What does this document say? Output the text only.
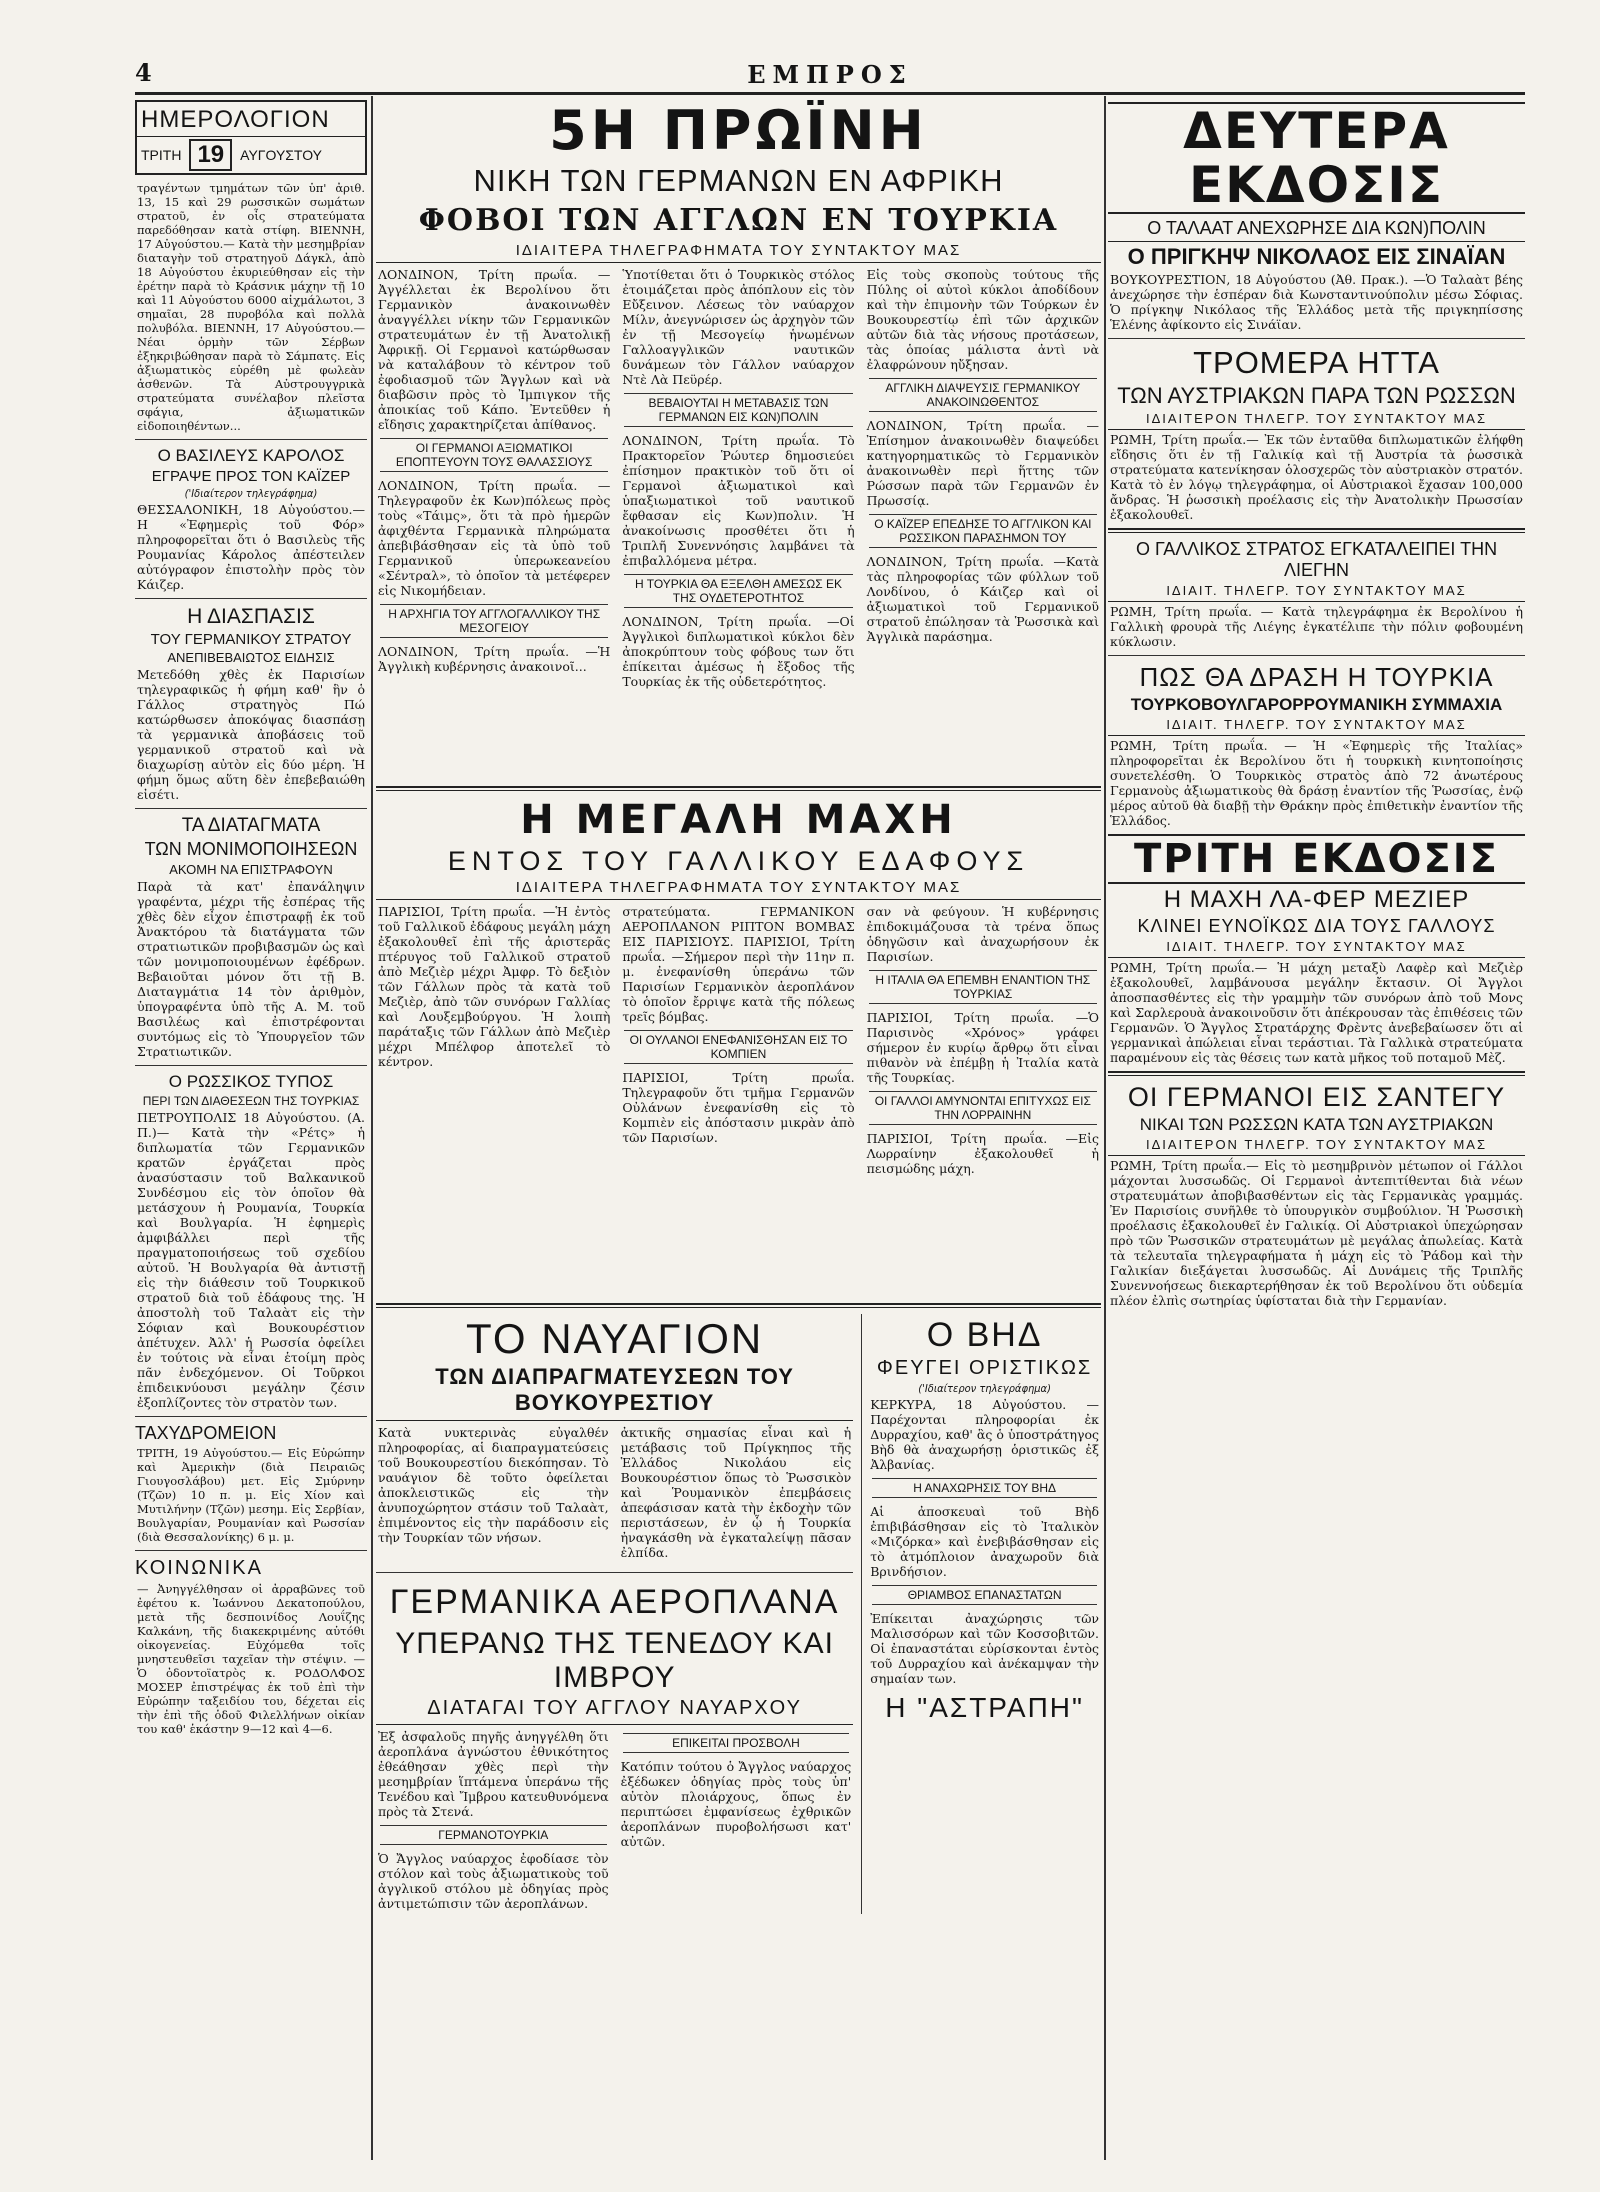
4	ΕΜΠΡΟΣ
ΗΜΕΡΟΛΟΓΙΟΝ
ΤΡΙΤΗ 19	ΑΥΓΟΥΣΤΟΥ

τραγέντων τμημάτων τῶν ὑπ' ἀριθ. 13, 15 καὶ 29 ρωσσικῶν σωμάτων στρατοῦ, ἐν οἷς στρατεύματα παρεδόθησαν κατὰ στίφη. ΒΙΕΝΝΗ, 17 Αὐγούστου.— Κατὰ τὴν μεσημβρίαν διαταγὴν τοῦ στρατηγοῦ Δάγκλ, ἀπὸ 18 Αὐγούστου ἐκυριεύθησαν εἰς τὴν ἐρέτην παρὰ τὸ Κράσνικ μάχην τῇ 10 καὶ 11 Αὐγούστου 6000 αἰχμάλωτοι, 3 σημαῖαι, 28 πυροβόλα καὶ πολλὰ πολυβόλα. ΒΙΕΝΝΗ, 17 Αὐγούστου.—Νέαι ὁρμὴν τῶν Σέρβων ἐξηκριβώθησαν παρὰ τὸ Σάμπατς. Εἰς ἀξιωματικὸς εὑρέθη μὲ φωλεὰν ἀσθενῶν. Τὰ Αὐστρουγγρικὰ στρατεύματα συνέλαβον πλεῖστα σφάγια, ἀξιωματικῶν εἰδοποιηθέντων...

Ο ΒΑΣΙΛΕΥΣ ΚΑΡΟΛΟΣ
ΕΓΡΑΨΕ ΠΡΟΣ ΤΟΝ ΚΑΪΖΕΡ
('Ιδιαίτερον τηλεγράφημα)

ΘΕΣΣΑΛΟΝΙΚΗ, 18 Αὐγούστου.— Η «Ἐφημερὶς τοῦ Φόρ» πληροφορεῖται ὅτι ὁ Βασιλεὺς τῆς Ρουμανίας Κάρολος ἀπέστειλεν αὐτόγραφον ἐπιστολὴν πρὸς τὸν Κάιζερ.

Η ΔΙΑΣΠΑΣΙΣ
ΤΟΥ ΓΕΡΜΑΝΙΚΟΥ ΣΤΡΑΤΟΥ
ΑΝΕΠΙΒΕΒΑΙΩΤΟΣ ΕΙΔΗΣΙΣ

Μετεδόθη χθὲς ἐκ Παρισίων τηλεγραφικῶς ἡ φήμη καθ' ἣν ὁ Γάλλος στρατηγὸς Πώ κατώρθωσεν ἀποκόψας διασπάσῃ τὰ γερμανικὰ ἀποβάσεις τοῦ γερμανικοῦ στρατοῦ καὶ νὰ διαχωρίσῃ αὐτὸν εἰς δύο μέρη. Ἡ φήμη ὅμως αὕτη δὲν ἐπεβεβαιώθη εἰσέτι.

ΤΑ ΔΙΑΤΑΓΜΑΤΑ
ΤΩΝ ΜΟΝΙΜΟΠΟΙΗΣΕΩΝ
ΑΚΟΜΗ ΝΑ ΕΠΙΣΤΡΑΦΟΥΝ

Παρὰ τὰ κατ' ἐπανάληψιν γραφέντα, μέχρι τῆς ἐσπέρας τῆς χθὲς δὲν εἶχον ἐπιστραφῇ ἐκ τοῦ Ἀνακτόρου τὰ διατάγματα τῶν στρατιωτικῶν προβιβασμῶν ὡς καὶ τῶν μονιμοποιουμένων ἐφέδρων. Βεβαιοῦται μόνον ὅτι τῇ Β. Διαταγμάτια 14 τὸν ἀριθμὸν, ὑπογραφέντα ὑπὸ τῆς Α. Μ. τοῦ Βασιλέως καὶ ἐπιστρέφονται συντόμως εἰς τὸ Ὑπουργεῖον τῶν Στρατιωτικῶν.

Ο ΡΩΣΣΙΚΟΣ ΤΥΠΟΣ
ΠΕΡΙ ΤΩΝ ΔΙΑΘΕΣΕΩΝ ΤΗΣ ΤΟΥΡΚΙΑΣ

ΠΕΤΡΟΥΠΟΛΙΣ 18 Αὐγούστου. (Α. Π.)— Κατὰ τὴν «Ρέτς» ἡ διπλωματία τῶν Γερμανικῶν κρατῶν ἐργάζεται πρὸς ἀνασύστασιν τοῦ Βαλκανικοῦ Συνδέσμου εἰς τὸν ὁποῖον θὰ μετάσχουν ἡ Ρουμανία, Τουρκία καὶ Βουλγαρία. Ἡ ἐφημερὶς ἀμφιβάλλει περὶ τῆς πραγματοποιήσεως τοῦ σχεδίου αὐτοῦ. Ἡ Βουλγαρία θὰ ἀντιστῇ εἰς τὴν διάθεσιν τοῦ Τουρκικοῦ στρατοῦ διὰ τοῦ ἐδάφους της. Ἡ ἀποστολὴ τοῦ Ταλαὰτ εἰς τὴν Σόφιαν καὶ Βουκουρέστιον ἀπέτυχεν. Ἀλλ' ἡ Ρωσσία ὀφείλει ἐν τούτοις νὰ εἶναι ἑτοίμη πρὸς πᾶν ἐνδεχόμενον. Οἱ Τοῦρκοι ἐπιδεικνύουσι μεγάλην ζέσιν ἐξοπλίζοντες τὸν στρατὸν των.

ΤΑΧΥΔΡΟΜΕΙΟΝ

ΤΡΙΤΗ, 19 Αὐγούστου.— Εἰς Εὐρώπην καὶ Ἀμερικὴν (διὰ Πειραιῶς Γιουγοσλάβου) μετ. Εἰς Σμύρνην (Τζῶν) 10 π. μ. Εἰς Χίον καὶ Μυτιλήνην (Τζῶν) μεσημ. Εἰς Σερβίαν, Βουλγαρίαν, Ρουμανίαν καὶ Ρωσσίαν (διὰ Θεσσαλονίκης) 6 μ. μ.

ΚΟΙΝΩΝΙΚΑ

— Ἀνηγγέλθησαν οἱ ἀρραβῶνες τοῦ ἐφέτου κ. Ἰωάννου Δεκατοπούλου, μετὰ τῆς δεσποινίδος Λουΐζης Καλκάνη, τῆς διακεκριμένης αὐτόθι οἰκογενείας. Εὐχόμεθα τοῖς μνηστευθεῖσι ταχεῖαν τὴν στέψιν. — Ὁ ὀδοντοϊατρὸς κ. ΡΟΔΟΛΦΟΣ ΜΟΣΕΡ ἐπιστρέψας ἐκ τοῦ ἐπὶ τὴν Εὐρώπην ταξειδίου του, δέχεται εἰς τὴν ἐπὶ τῆς ὁδοῦ Φιλελλήνων οἰκίαν του καθ' ἑκάστην 9—12 καὶ 4—6.

5Η ΠΡΩΪΝΗ
ΝΙΚΗ ΤΩΝ ΓΕΡΜΑΝΩΝ ΕΝ ΑΦΡΙΚΗ
ΦΟΒΟΙ ΤΩΝ ΑΓΓΛΩΝ ΕΝ ΤΟΥΡΚΙΑ
ΙΔΙΑΙΤΕΡΑ ΤΗΛΕΓΡΑΦΗΜΑΤΑ ΤΟΥ ΣΥΝΤΑΚΤΟΥ ΜΑΣ

ΛΟΝΔΙΝΟΝ, Τρίτη πρωΐα. —Ἀγγέλλεται ἐκ Βερολίνου ὅτι Γερμανικὸν ἀνακοινωθὲν ἀναγγέλλει νίκην τῶν Γερμανικῶν στρατευμάτων ἐν τῇ Ἀνατολικῇ Ἀφρικῇ. Οἱ Γερμανοὶ κατώρθωσαν νὰ καταλάβουν τὸ κέντρον τοῦ ἐφοδιασμοῦ τῶν Ἄγγλων καὶ νὰ διαβῶσιν πρὸς τὸ Ἰμπιγκον τῆς ἀποικίας τοῦ Κάπο. Ἐντεῦθεν ἡ εἴδησις χαρακτηρίζεται ἀπίθανος.

ΟΙ ΓΕΡΜΑΝΟΙ ΑΞΙΩΜΑΤΙΚΟΙ ΕΠΟΠΤΕΥΟΥΝ ΤΟΥΣ ΘΑΛΑΣΣΙΟΥΣ

ΛΟΝΔΙΝΟΝ, Τρίτη πρωΐα. —Τηλεγραφοῦν ἐκ Κων)πόλεως πρὸς τοὺς «Τάιμς», ὅτι τὰ πρὸ ἡμερῶν ἀφιχθέντα Γερμανικὰ πληρώματα ἀπεβιβάσθησαν εἰς τὰ ὑπὸ τοῦ Γερμανικοῦ ὑπερωκεανείου «Σέντραλ», τὸ ὁποῖον τὰ μετέφερεν εἰς Νικομήδειαν.

Η ΑΡΧΗΓΙΑ ΤΟΥ ΑΓΓΛΟΓΑΛΛΙΚΟΥ ΤΗΣ ΜΕΣΟΓΕΙΟΥ

ΛΟΝΔΙΝΟΝ, Τρίτη πρωΐα. —Ἡ Ἀγγλικὴ κυβέρνησις ἀνακοινοῖ...

Ὑποτίθεται ὅτι ὁ Τουρκικὸς στόλος ἐτοιμάζεται πρὸς ἀπόπλουν εἰς τὸν Εὔξεινον. Λέσεως τὸν ναύαρχον Μίλν, ἀνεγνώρισεν ὡς ἀρχηγὸν τῶν ἐν τῇ Μεσογείῳ ἡνωμένων Γαλλοαγγλικῶν ναυτικῶν δυνάμεων τὸν Γάλλον ναύαρχον Ντὲ Λὰ Πεϋρέρ.

ΒΕΒΑΙΟΥΤΑΙ Η ΜΕΤΑΒΑΣΙΣ ΤΩΝ ΓΕΡΜΑΝΩΝ ΕΙΣ ΚΩΝ)ΠΟΛΙΝ

ΛΟΝΔΙΝΟΝ, Τρίτη πρωΐα. Τὸ Πρακτορεῖον Ῥώυτερ δημοσιεύει ἐπίσημον πρακτικὸν τοῦ ὅτι οἱ Γερμανοὶ ἀξιωματικοὶ καὶ ὑπαξιωματικοὶ τοῦ ναυτικοῦ ἔφθασαν εἰς Κων)πολιν. Ἡ ἀνακοίνωσις προσθέτει ὅτι ἡ Τριπλῆ Συνεννόησις λαμβάνει τὰ ἐπιβαλλόμενα μέτρα.

Η ΤΟΥΡΚΙΑ ΘΑ ΕΞΕΛΘΗ ΑΜΕΣΩΣ ΕΚ ΤΗΣ ΟΥΔΕΤΕΡΟΤΗΤΟΣ

ΛΟΝΔΙΝΟΝ, Τρίτη πρωΐα. —Οἱ Ἀγγλικοὶ διπλωματικοὶ κύκλοι δὲν ἀποκρύπτουν τοὺς φόβους των ὅτι ἐπίκειται ἀμέσως ἡ ἔξοδος τῆς Τουρκίας ἐκ τῆς οὐδετερότητος.

Εἰς τοὺς σκοποὺς τούτους τῆς Πύλης οἱ αὐτοὶ κύκλοι ἀποδίδουν καὶ τὴν ἐπιμονὴν τῶν Τούρκων ἐν Βουκουρεστίῳ ἐπὶ τῶν ἀρχικῶν αὐτῶν διὰ τὰς νήσους προτάσεων, τὰς ὁποίας μάλιστα ἀντὶ νὰ ἐλαφρώνουν ηὔξησαν.

ΑΓΓΛΙΚΗ ΔΙΑΨΕΥΣΙΣ ΓΕΡΜΑΝΙΚΟΥ ΑΝΑΚΟΙΝΩΘΕΝΤΟΣ

ΛΟΝΔΙΝΟΝ, Τρίτη πρωΐα. —Ἐπίσημον ἀνακοινωθὲν διαψεύδει κατηγορηματικῶς τὸ Γερμανικὸν ἀνακοινωθὲν περὶ ἥττης τῶν Ρώσσων παρὰ τῶν Γερμανῶν ἐν Πρωσσίᾳ.

Ο ΚΑΪΖΕΡ ΕΠΕΔΗΣΕ ΤΟ ΑΓΓΛΙΚΟΝ ΚΑΙ ΡΩΣΣΙΚΟΝ ΠΑΡΑΣΗΜΟΝ ΤΟΥ

ΛΟΝΔΙΝΟΝ, Τρίτη πρωΐα. —Κατὰ τὰς πληροφορίας τῶν φύλλων τοῦ Λονδίνου, ὁ Κάιζερ καὶ οἱ ἀξιωματικοὶ τοῦ Γερμανικοῦ στρατοῦ ἐπώλησαν τὰ Ῥωσσικὰ καὶ Ἀγγλικὰ παράσημα.

Η ΜΕΓΑΛΗ ΜΑΧΗ
ΕΝΤΟΣ ΤΟΥ ΓΑΛΛΙΚΟΥ ΕΔΑΦΟΥΣ
ΙΔΙΑΙΤΕΡΑ ΤΗΛΕΓΡΑΦΗΜΑΤΑ ΤΟΥ ΣΥΝΤΑΚΤΟΥ ΜΑΣ

ΠΑΡΙΣΙΟΙ, Τρίτη πρωΐα. —Ἡ ἐντὸς τοῦ Γαλλικοῦ ἐδάφους μεγάλη μάχη ἐξακολουθεῖ ἐπὶ τῆς ἀριστερᾶς πτέρυγος τοῦ Γαλλικοῦ στρατοῦ ἀπὸ Μεζιὲρ μέχρι Ἀμφρ. Τὸ δεξιὸν τῶν Γάλλων πρὸς τὰ κατὰ τοῦ Μεζιὲρ, ἀπὸ τῶν συνόρων Γαλλίας καὶ Λουξεμβούργου. Ἡ λοιπὴ παράταξις τῶν Γάλλων ἀπὸ Μεζιὲρ μέχρι Μπέλφορ ἀποτελεῖ τὸ κέντρον.

στρατεύματα. ΓΕΡΜΑΝΙΚΟΝ ΑΕΡΟΠΛΑΝΟΝ ΡΙΠΤΟΝ ΒΟΜΒΑΣ ΕΙΣ ΠΑΡΙΣΙΟΥΣ. ΠΑΡΙΣΙΟΙ, Τρίτη πρωΐα. —Σήμερον περὶ τὴν 11ην π. μ. ἐνεφανίσθη ὑπεράνω τῶν Παρισίων Γερμανικὸν ἀεροπλάνον τὸ ὁποῖον ἔρριψε κατὰ τῆς πόλεως τρεῖς βόμβας.

ΟΙ ΟΥΛΑΝΟΙ ΕΝΕΦΑΝΙΣΘΗΣΑΝ ΕΙΣ ΤΟ ΚΟΜΠΙΕΝ

ΠΑΡΙΣΙΟΙ, Τρίτη πρωΐα. Τηλεγραφοῦν ὅτι τμῆμα Γερμανῶν Οὐλάνων ἐνεφανίσθη εἰς τὸ Κομπιὲν εἰς ἀπόστασιν μικρὰν ἀπὸ τῶν Παρισίων.

σαν νὰ φεύγουν. Ἡ κυβέρνησις ἐπιδοκιμάζουσα τὰ τρένα ὅπως ὁδηγῶσιν καὶ ἀναχωρήσουν ἐκ Παρισίων.

Η ΙΤΑΛΙΑ ΘΑ ΕΠΕΜΒΗ ΕΝΑΝΤΙΟΝ ΤΗΣ ΤΟΥΡΚΙΑΣ

ΠΑΡΙΣΙΟΙ, Τρίτη πρωΐα. —Ὁ Παρισινὸς «Χρόνος» γράφει σήμερον ἐν κυρίῳ ἄρθρῳ ὅτι εἶναι πιθανὸν νὰ ἐπέμβῃ ἡ Ἰταλία κατὰ τῆς Τουρκίας.

ΟΙ ΓΑΛΛΟΙ ΑΜΥΝΟΝΤΑΙ ΕΠΙΤΥΧΩΣ ΕΙΣ ΤΗΝ ΛΟΡΡΑΙΝΗΝ

ΠΑΡΙΣΙΟΙ, Τρίτη πρωΐα. —Εἰς Λωρραίνην ἐξακολουθεῖ ἡ πεισμώδης μάχη.

ΤΟ ΝΑΥΑΓΙΟΝ
ΤΩΝ ΔΙΑΠΡΑΓΜΑΤΕΥΣΕΩΝ ΤΟΥ ΒΟΥΚΟΥΡΕΣΤΙΟΥ

Κατὰ νυκτερινὰς εὐγαλθέν πληροφορίας, αἱ διαπραγματεύσεις τοῦ Βουκουρεστίου διεκόπησαν. Τὸ ναυάγιον δὲ τοῦτο ὀφείλεται ἀποκλειστικῶς εἰς τὴν ἀνυποχώρητον στάσιν τοῦ Ταλαὰτ, ἐπιμένοντος εἰς τὴν παράδοσιν εἰς τὴν Τουρκίαν τῶν νήσων.

ἀκτικῆς σημασίας εἶναι καὶ ἡ μετάβασις τοῦ Πρίγκηπος τῆς Ἑλλάδος Νικολάου εἰς Βουκουρέστιον ὅπως τὸ Ῥωσσικὸν καὶ Ῥουμανικὸν ἐπεμβάσεις ἀπεφάσισαν κατὰ τὴν ἐκδοχὴν τῶν περιστάσεων, ἐν ᾧ ἡ Τουρκία ἠναγκάσθη νὰ ἐγκαταλείψῃ πᾶσαν ἐλπίδα.

ΓΕΡΜΑΝΙΚΑ ΑΕΡΟΠΛΑΝΑ
ΥΠΕΡΑΝΩ ΤΗΣ ΤΕΝΕΔΟΥ ΚΑΙ ΙΜΒΡΟΥ
ΔΙΑΤΑΓΑΙ ΤΟΥ ΑΓΓΛΟΥ ΝΑΥΑΡΧΟΥ

Ἐξ ἀσφαλοῦς πηγῆς ἀνηγγέλθη ὅτι ἀεροπλάνα ἀγνώστου ἐθνικότητος ἐθεάθησαν χθὲς περὶ τὴν μεσημβρίαν ἵπτάμενα ὑπεράνω τῆς Τενέδου καὶ Ἴμβρου κατευθυνόμενα πρὸς τὰ Στενά.

ΓΕΡΜΑΝΟΤΟΥΡΚΙΑ

Ὁ Ἄγγλος ναύαρχος ἐφοδίασε τὸν στόλον καὶ τοὺς ἀξιωματικοὺς τοῦ ἀγγλικοῦ στόλου μὲ ὁδηγίας πρὸς ἀντιμετώπισιν τῶν ἀεροπλάνων.

ΕΠΙΚΕΙΤΑΙ ΠΡΟΣΒΟΛΗ

Κατόπιν τούτου ὁ Ἄγγλος ναύαρχος ἐξέδωκεν ὁδηγίας πρὸς τοὺς ὑπ' αὐτὸν πλοιάρχους, ὅπως ἐν περιπτώσει ἐμφανίσεως ἐχθρικῶν ἀεροπλάνων πυροβολήσωσι κατ' αὐτῶν.

Ο ΒΗΔ
ΦΕΥΓΕΙ ΟΡΙΣΤΙΚΩΣ
('Ιδιαίτερον τηλεγράφημα)

ΚΕΡΚΥΡΑ, 18 Αὐγούστου. —Παρέχονται πληροφορίαι ἐκ Δυρραχίου, καθ' ἃς ὁ ὑποστράτηγος Βὴδ θὰ ἀναχωρήσῃ ὁριστικῶς ἐξ Ἀλβανίας.

Η ΑΝΑΧΩΡΗΣΙΣ ΤΟΥ ΒΗΔ

Αἱ ἀποσκευαὶ τοῦ Βὴδ ἐπιβιβάσθησαν εἰς τὸ Ἰταλικὸν «Μιζόρκα» καὶ ἐνεβιβάσθησαν εἰς τὸ ἀτμόπλοιον ἀναχωροῦν διὰ Βρινδήσιον.

ΘΡΙΑΜΒΟΣ ΕΠΑΝΑΣΤΑΤΩΝ

Ἐπίκειται ἀναχώρησις τῶν Μαλισσόρων καὶ τῶν Κοσσοβιτῶν. Οἱ ἐπαναστάται εὑρίσκονται ἐντὸς τοῦ Δυρραχίου καὶ ἀνέκαμψαν τὴν σημαίαν των.

Η "ΑΣΤΡΑΠΗ"
ΔΕΥΤΕΡΑ ΕΚΔΟΣΙΣ
Ο ΤΑΛΑΑΤ ΑΝΕΧΩΡΗΣΕ ΔΙΑ ΚΩΝ)ΠΟΛΙΝ
Ο ΠΡΙΓΚΗΨ ΝΙΚΟΛΑΟΣ ΕΙΣ ΣΙΝΑΪΑΝ

ΒΟΥΚΟΥΡΕΣΤΙΟΝ, 18 Αὐγούστου (Ἀθ. Πρακ.). —Ὁ Ταλαὰτ βέης ἀνεχώρησε τὴν ἑσπέραν διὰ Κωνσταντινούπολιν μέσω Σόφιας. Ὁ πρίγκηψ Νικόλαος τῆς Ἑλλάδος μετὰ τῆς πριγκηπίσσης Ἑλένης ἀφίκοντο εἰς Σινάϊαν.

ΤΡΟΜΕΡΑ ΗΤΤΑ
ΤΩΝ ΑΥΣΤΡΙΑΚΩΝ ΠΑΡΑ ΤΩΝ ΡΩΣΣΩΝ
ΙΔΙΑΙΤΕΡΟΝ ΤΗΛΕΓΡ. ΤΟΥ ΣΥΝΤΑΚΤΟΥ ΜΑΣ

ΡΩΜΗ, Τρίτη πρωΐα.— Ἐκ τῶν ἐνταῦθα διπλωματικῶν ἐλήφθη εἴδησις ὅτι ἐν τῇ Γαλικίᾳ καὶ τῇ Ἀυστρία τὰ ῥωσσικὰ στρατεύματα κατενίκησαν ὁλοσχερῶς τὸν αὐστριακὸν στρατόν. Κατὰ τὸ ἐν λόγῳ τηλεγράφημα, οἱ Αὐστριακοὶ ἔχασαν 100,000 ἄνδρας. Ἡ ῥωσσικὴ προέλασις εἰς τὴν Ἀνατολικὴν Πρωσσίαν ἐξακολουθεῖ.

Ο ΓΑΛΛΙΚΟΣ ΣΤΡΑΤΟΣ ΕΓΚΑΤΑΛΕΙΠΕΙ ΤΗΝ ΛΙΕΓΗΝ
ΙΔΙΑΙΤ. ΤΗΛΕΓΡ. ΤΟΥ ΣΥΝΤΑΚΤΟΥ ΜΑΣ

ΡΩΜΗ, Τρίτη πρωΐα. — Κατὰ τηλεγράφημα ἐκ Βερολίνου ἡ Γαλλικὴ φρουρὰ τῆς Λιέγης ἐγκατέλιπε τὴν πόλιν φοβουμένη κύκλωσιν.

ΠΩΣ ΘΑ ΔΡΑΣΗ Η ΤΟΥΡΚΙΑ
ΤΟΥΡΚΟΒΟΥΛΓΑΡΟΡΡΟΥΜΑΝΙΚΗ ΣΥΜΜΑΧΙΑ
ΙΔΙΑΙΤ. ΤΗΛΕΓΡ. ΤΟΥ ΣΥΝΤΑΚΤΟΥ ΜΑΣ

ΡΩΜΗ, Τρίτη πρωΐα. — Ἡ «Ἐφημερὶς τῆς Ἰταλίας» πληροφορεῖται ἐκ Βερολίνου ὅτι ἡ τουρκικὴ κινητοποίησις συνετελέσθη. Ὁ Τουρκικὸς στρατὸς ἀπὸ 72 ἀνωτέρους Γερμανοὺς ἀξιωματικοὺς θὰ δράσῃ ἐναντίον τῆς Ῥωσσίας, ἐνῷ μέρος αὐτοῦ θὰ διαβῇ τὴν Θράκην πρὸς ἐπιθετικὴν ἐναντίον τῆς Ἑλλάδος.

ΤΡΙΤΗ ΕΚΔΟΣΙΣ
Η ΜΑΧΗ ΛΑ-ΦΕΡ ΜΕΖΙΕΡ
ΚΛΙΝΕΙ ΕΥΝΟΪΚΩΣ ΔΙΑ ΤΟΥΣ ΓΑΛΛΟΥΣ
ΙΔΙΑΙΤ. ΤΗΛΕΓΡ. ΤΟΥ ΣΥΝΤΑΚΤΟΥ ΜΑΣ

ΡΩΜΗ, Τρίτη πρωΐα.— Ἡ μάχη μεταξὺ Λαφὲρ καὶ Μεζιὲρ ἐξακολουθεῖ, λαμβάνουσα μεγάλην ἔκτασιν. Οἱ Ἄγγλοι ἀποσπασθέντες εἰς τὴν γραμμὴν τῶν συνόρων ἀπὸ τοῦ Μονς καὶ Σαρλερουὰ ἀνακοινοῦσιν ὅτι ἀπέκρουσαν τὰς ἐπιθέσεις τῶν Γερμανῶν. Ὁ Ἄγγλος Στρατάρχης Φρὲντς ἀνεβεβαίωσεν ὅτι αἱ γερμανικαὶ ἀπώλειαι εἶναι τεράστιαι. Τὰ Γαλλικὰ στρατεύματα παραμένουν εἰς τὰς θέσεις των κατὰ μῆκος τοῦ ποταμοῦ Μὲζ.

ΟΙ ΓΕΡΜΑΝΟΙ ΕΙΣ ΣΑΝΤΕΓΥ
ΝΙΚΑΙ ΤΩΝ ΡΩΣΣΩΝ ΚΑΤΑ ΤΩΝ ΑΥΣΤΡΙΑΚΩΝ
ΙΔΙΑΙΤΕΡΟΝ ΤΗΛΕΓΡ. ΤΟΥ ΣΥΝΤΑΚΤΟΥ ΜΑΣ

ΡΩΜΗ, Τρίτη πρωΐα.— Εἰς τὸ μεσημβρινὸν μέτωπον οἱ Γάλλοι μάχονται λυσσωδῶς. Οἱ Γερμανοὶ ἀντεπιτίθενται διὰ νέων στρατευμάτων ἀποβιβασθέντων εἰς τὰς Γερμανικὰς γραμμάς. Ἐν Παρισίοις συνῆλθε τὸ ὑπουργικὸν συμβούλιον. Ἡ Ῥωσσικὴ προέλασις ἐξακολουθεῖ ἐν Γαλικίᾳ. Οἱ Αὐστριακοὶ ὑπεχώρησαν πρὸ τῶν Ῥωσσικῶν στρατευμάτων μὲ μεγάλας ἀπωλείας. Κατὰ τὰ τελευταῖα τηλεγραφήματα ἡ μάχη εἰς τὸ Ῥάδομ καὶ τὴν Γαλικίαν διεξάγεται λυσσωδῶς. Αἱ Δυνάμεις τῆς Τριπλῆς Συνεννοήσεως διεκαρτερήθησαν ἐκ τοῦ Βερολίνου ὅτι οὐδεμία πλέον ἐλπὶς σωτηρίας ὑφίσταται διὰ τὴν Γερμανίαν.
